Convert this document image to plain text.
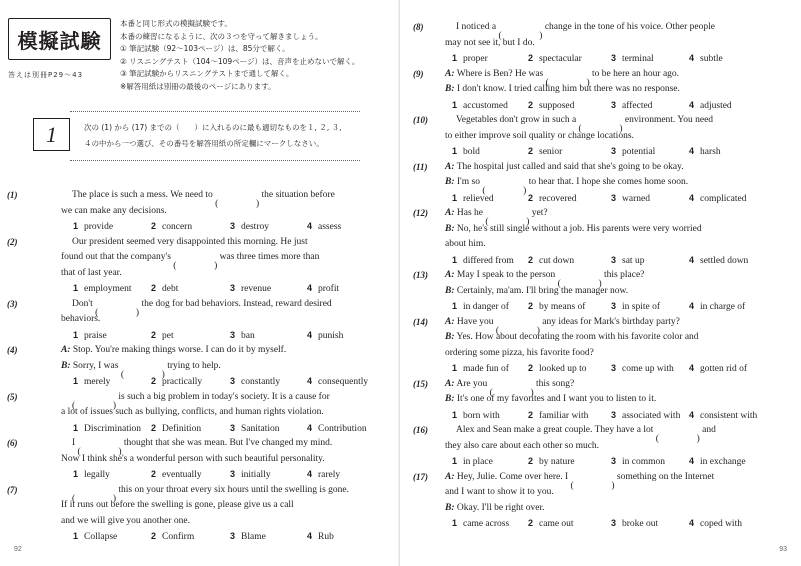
模擬試験
答えは別冊P29〜43
本番と同じ形式の模擬試験です。
本番の練習になるように、次の３つを守って解きましょう。
① 筆記試験（92〜103ページ）は、85分で解く。
② リスニングテスト（104〜109ページ）は、音声を止めないで解く。
③ 筆記試験からリスニングテストまで通して解く。
※解答用紙は別冊の最後のページにあります。
1	次の (1) から (17) までの（　　）に入れるのに最も適切なものを１, ２, ３,
４の中から一つ選び、その番号を解答用紙の所定欄にマークしなさい。
(1)	The place is such a mess. We need to	the situation before
we can make any decisions.
1 provide	2 concern	3 destroy	4 assess
(2)	Our president seemed very disappointed this morning. He just
found out that the company's	was three times more than
that of last year.
1 employment 2 debt	3 revenue	4 profit
(3)	Don't	the dog for bad behaviors. Instead, reward desired
behaviors.
1 praise	2 pet	3 ban	4 punish
(4)	A: Stop. You're making things worse. I can do it by myself.
B: Sorry, I was	trying to help.
1 merely	2 practically	3 constantly	4 consequently
(5)	is such a big problem in today's society. It is a cause for
a lot of issues such as bullying, conflicts, and human rights violation.
1 Discrimination 2 Definition	3 Sanitation	4 Contribution
(6)	I	thought that she was mean. But I've changed my mind.
Now I think she's a wonderful person with such beautiful personality.
1 legally	2 eventually	3 initially	4 rarely
(7)	this on your throat every six hours until the swelling is gone.
If it runs out before the swelling is gone, please give us a call
and we will give you another one.
1 Collapse	2 Confirm	3 Blame	4 Rub
92
(8)	I noticed a	change in the tone of his voice. Other people
may not see it, but I do.
1 proper	2 spectacular	3 terminal	4 subtle
(9) A: Where is Ben? He was	to be here an hour ago.
B: I don't know. I tried calling him but there was no response.
1 accustomed 2 supposed	3 affected	4 adjusted
(10)	Vegetables don't grow in such a	environment. You need
to either improve soil quality or change locations.
1 bold	2 senior	3 potential	4 harsh
(11) A: The hospital just called and said that she's going to be okay.
B: I'm so	to hear that. I hope she comes home soon.
1 relieved	2 recovered	3 warned	4 complicated
(12) A: Has he	yet?
B: No, he's still single without a job. His parents were very worried
about him.
1 differed from 2 cut down	3 sat up	4 settled down
(13) A: May I speak to the person	this place?
B: Certainly, ma'am. I'll bring the manager now.
1 in danger of 2 by means of	3 in spite of	4 in charge of
(14) A: Have you	any ideas for Mark's birthday party?
B: Yes. How about decorating the room with his favorite color and
ordering some pizza, his favorite food?
1 made fun of 2 looked up to	3 come up with 4 gotten rid of
(15) A: Are you	this song?
B: It's one of my favorites and I want you to listen to it.
1 born with	2 familiar with	3 associated with 4 consistent with
(16)	Alex and Sean make a great couple. They have a lot	and
they also care about each other so much.
1 in place	2 by nature	3 in common	4 in exchange
(17) A: Hey, Julie. Come over here. I	something on the Internet
and I want to show it to you.
B: Okay. I'll be right over.
1 came across 2 came out	3 broke out	4 coped with
93
